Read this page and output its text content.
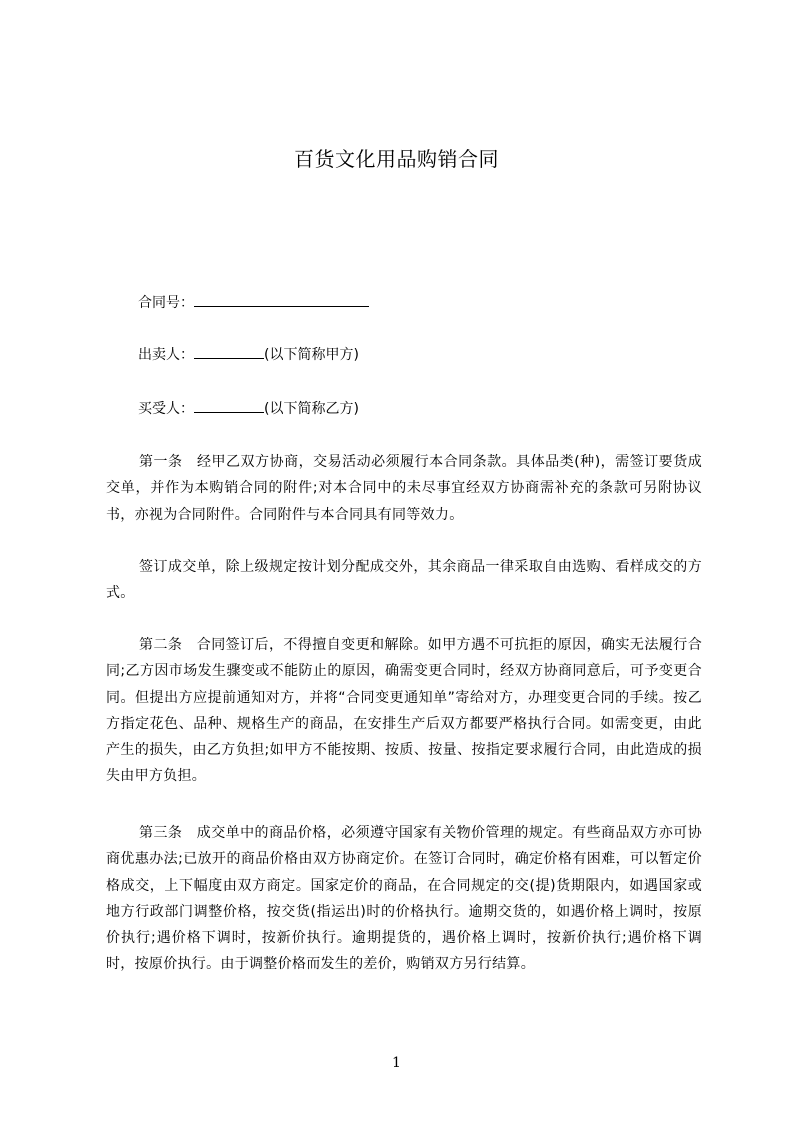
百货文化用品购销合同
合同号：
出卖人：	(以下简称甲方)
买受人：	(以下简称乙方)

第一条　经甲乙双方协商，交易活动必须履行本合同条款。具体品类(种)，需签订要货成交单，并作为本购销合同的附件;对本合同中的未尽事宜经双方协商需补充的条款可另附协议书，亦视为合同附件。合同附件与本合同具有同等效力。

签订成交单，除上级规定按计划分配成交外，其余商品一律采取自由选购、看样成交的方式。

第二条　合同签订后，不得擅自变更和解除。如甲方遇不可抗拒的原因，确实无法履行合同;乙方因市场发生骤变或不能防止的原因，确需变更合同时，经双方协商同意后，可予变更合同。但提出方应提前通知对方，并将“合同变更通知单”寄给对方，办理变更合同的手续。按乙方指定花色、品种、规格生产的商品，在安排生产后双方都要严格执行合同。如需变更，由此产生的损失，由乙方负担;如甲方不能按期、按质、按量、按指定要求履行合同，由此造成的损失由甲方负担。

第三条　成交单中的商品价格，必须遵守国家有关物价管理的规定。有些商品双方亦可协商优惠办法;已放开的商品价格由双方协商定价。在签订合同时，确定价格有困难，可以暂定价格成交，上下幅度由双方商定。国家定价的商品，在合同规定的交(提)货期限内，如遇国家或地方行政部门调整价格，按交货(指运出)时的价格执行。逾期交货的，如遇价格上调时，按原价执行;遇价格下调时，按新价执行。逾期提货的，遇价格上调时，按新价执行;遇价格下调时，按原价执行。由于调整价格而发生的差价，购销双方另行结算。

1
